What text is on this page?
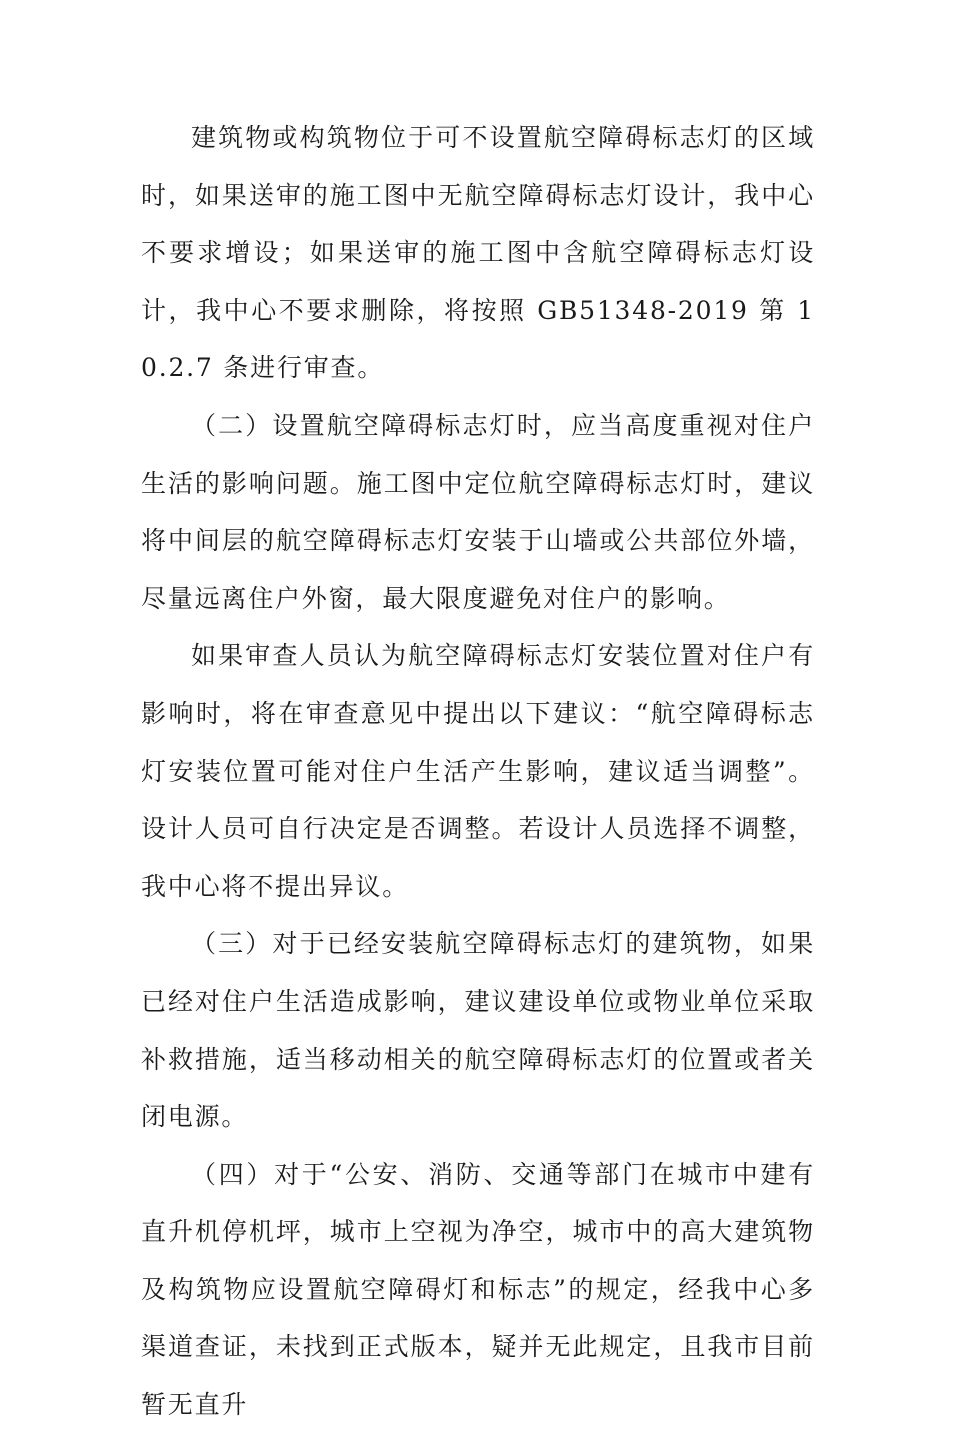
建筑物或构筑物位于可不设置航空障碍标志灯的区域时，如果送审的施工图中无航空障碍标志灯设计，我中心不要求增设；如果送审的施工图中含航空障碍标志灯设计，我中心不要求删除，将按照 GB51348-2019 第 10.2.7 条进行审查。

（二）设置航空障碍标志灯时，应当高度重视对住户生活的影响问题。施工图中定位航空障碍标志灯时，建议将中间层的航空障碍标志灯安装于山墙或公共部位外墙，尽量远离住户外窗，最大限度避免对住户的影响。

如果审查人员认为航空障碍标志灯安装位置对住户有影响时，将在审查意见中提出以下建议：“航空障碍标志灯安装位置可能对住户生活产生影响，建议适当调整”。设计人员可自行决定是否调整。若设计人员选择不调整，我中心将不提出异议。

（三）对于已经安装航空障碍标志灯的建筑物，如果已经对住户生活造成影响，建议建设单位或物业单位采取补救措施，适当移动相关的航空障碍标志灯的位置或者关闭电源。

（四）对于“公安、消防、交通等部门在城市中建有直升机停机坪，城市上空视为净空，城市中的高大建筑物及构筑物应设置航空障碍灯和标志”的规定，经我中心多渠道查证，未找到正式版本，疑并无此规定，且我市目前暂无直升
